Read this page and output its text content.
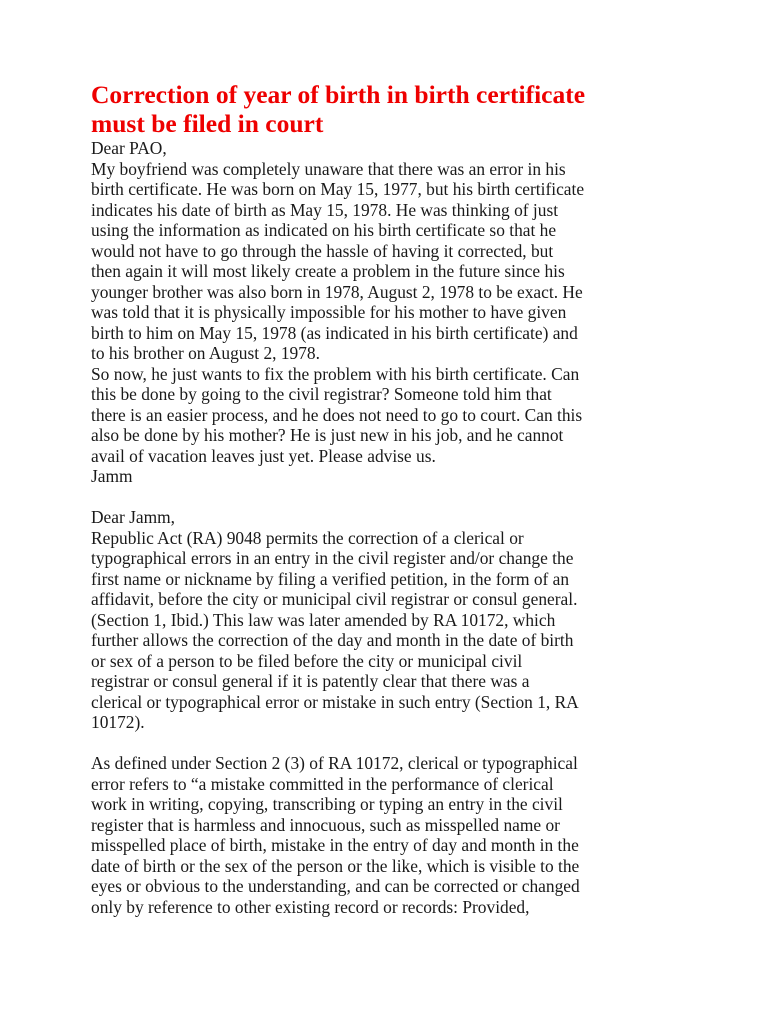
Correction of year of birth in birth certificate
must be filed in court
Dear PAO,
My boyfriend was completely unaware that there was an error in his
birth certificate. He was born on May 15, 1977, but his birth certificate
indicates his date of birth as May 15, 1978. He was thinking of just
using the information as indicated on his birth certificate so that he
would not have to go through the hassle of having it corrected, but
then again it will most likely create a problem in the future since his
younger brother was also born in 1978, August 2, 1978 to be exact. He
was told that it is physically impossible for his mother to have given
birth to him on May 15, 1978 (as indicated in his birth certificate) and
to his brother on August 2, 1978.
So now, he just wants to fix the problem with his birth certificate. Can
this be done by going to the civil registrar? Someone told him that
there is an easier process, and he does not need to go to court. Can this
also be done by his mother? He is just new in his job, and he cannot
avail of vacation leaves just yet. Please advise us.
Jamm
Dear Jamm,
Republic Act (RA) 9048 permits the correction of a clerical or
typographical errors in an entry in the civil register and/or change the
first name or nickname by filing a verified petition, in the form of an
affidavit, before the city or municipal civil registrar or consul general.
(Section 1, Ibid.) This law was later amended by RA 10172, which
further allows the correction of the day and month in the date of birth
or sex of a person to be filed before the city or municipal civil
registrar or consul general if it is patently clear that there was a
clerical or typographical error or mistake in such entry (Section 1, RA
10172).
As defined under Section 2 (3) of RA 10172, clerical or typographical
error refers to “a mistake committed in the performance of clerical
work in writing, copying, transcribing or typing an entry in the civil
register that is harmless and innocuous, such as misspelled name or
misspelled place of birth, mistake in the entry of day and month in the
date of birth or the sex of the person or the like, which is visible to the
eyes or obvious to the understanding, and can be corrected or changed
only by reference to other existing record or records: Provided,
